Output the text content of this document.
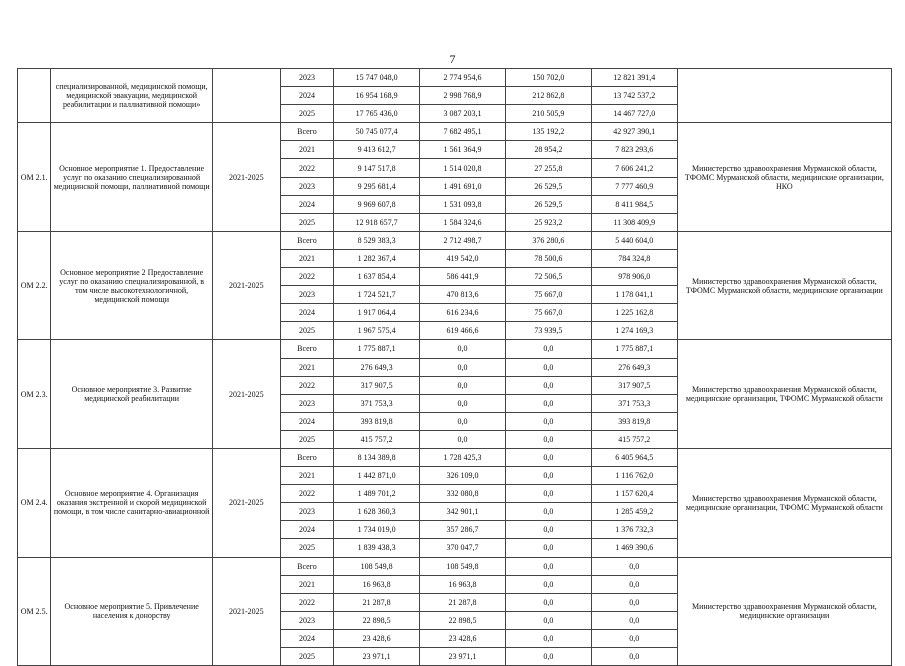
7
	специализированной, медицинской помощи, медицинской эвакуации, медицинской реабилитации и паллиативной помощи»		2023	15 747 048,0	2 774 954,6	150 702,0	12 821 391,4	
			2024	16 954 168,9	2 998 768,9	212 862,8	13 742 537,2	
			2025	17 765 436,0	3 087 203,1	210 505,9	14 467 727,0	
ОМ 2.1.	Основное мероприятие 1. Предоставление услуг по оказанию специализированной медицинской помощи, паллиативной помощи	2021-2025	Всего	50 745 077,4	7 682 495,1	135 192,2	42 927 390,1	Министерство здравоохранения Мурманской области, ТФОМС Мурманской области, медицинские организации, НКО
			2021	9 413 612,7	1 561 364,9	28 954,2	7 823 293,6	
			2022	9 147 517,8	1 514 020,8	27 255,8	7 606 241,2	
			2023	9 295 681,4	1 491 691,0	26 529,5	7 777 460,9	
			2024	9 969 607,8	1 531 093,8	26 529,5	8 411 984,5	
			2025	12 918 657,7	1 584 324,6	25 923,2	11 308 409,9	
ОМ 2.2.	Основное мероприятие 2 Предоставление услуг по оказанию специализированной, в том числе высокотехнологичной, медицинской помощи	2021-2025	Всего	8 529 383,3	2 712 498,7	376 280,6	5 440 604,0	Министерство здравоохранения Мурманской области, ТФОМС Мурманской области, медицинские организации
			2021	1 282 367,4	419 542,0	78 500,6	784 324,8	
			2022	1 637 854,4	586 441,9	72 506,5	978 906,0	
			2023	1 724 521,7	470 813,6	75 667,0	1 178 041,1	
			2024	1 917 064,4	616 234,6	75 667,0	1 225 162,8	
			2025	1 967 575,4	619 466,6	73 939,5	1 274 169,3	
ОМ 2.3.	Основное мероприятие 3. Развитие медицинской реабилитации	2021-2025	Всего	1 775 887,1	0,0	0,0	1 775 887,1	Министерство здравоохранения Мурманской области, медицинские организации, ТФОМС Мурманской области
			2021	276 649,3	0,0	0,0	276 649,3	
			2022	317 907,5	0,0	0,0	317 907,5	
			2023	371 753,3	0,0	0,0	371 753,3	
			2024	393 819,8	0,0	0,0	393 819,8	
			2025	415 757,2	0,0	0,0	415 757,2	
ОМ 2.4.	Основное мероприятие 4. Организация оказания экстренной и скорой медицинской помощи, в том числе санитарно-авиационной	2021-2025	Всего	8 134 389,8	1 728 425,3	0,0	6 405 964,5	Министерство здравоохранения Мурманской области, медицинские организации, ТФОМС Мурманской области
			2021	1 442 871,0	326 109,0	0,0	1 116 762,0	
			2022	1 489 701,2	332 080,8	0,0	1 157 620,4	
			2023	1 628 360,3	342 901,1	0,0	1 285 459,2	
			2024	1 734 019,0	357 286,7	0,0	1 376 732,3	
			2025	1 839 438,3	370 047,7	0,0	1 469 390,6	
ОМ 2.5.	Основное мероприятие 5. Привлечение населения к донорству	2021-2025	Всего	108 549,8	108 549,8	0,0	0,0	Министерство здравоохранения Мурманской области, медицинские организации
			2021	16 963,8	16 963,8	0,0	0,0	
			2022	21 287,8	21 287,8	0,0	0,0	
			2023	22 898,5	22 898,5	0,0	0,0	
			2024	23 428,6	23 428,6	0,0	0,0	
			2025	23 971,1	23 971,1	0,0	0,0	
